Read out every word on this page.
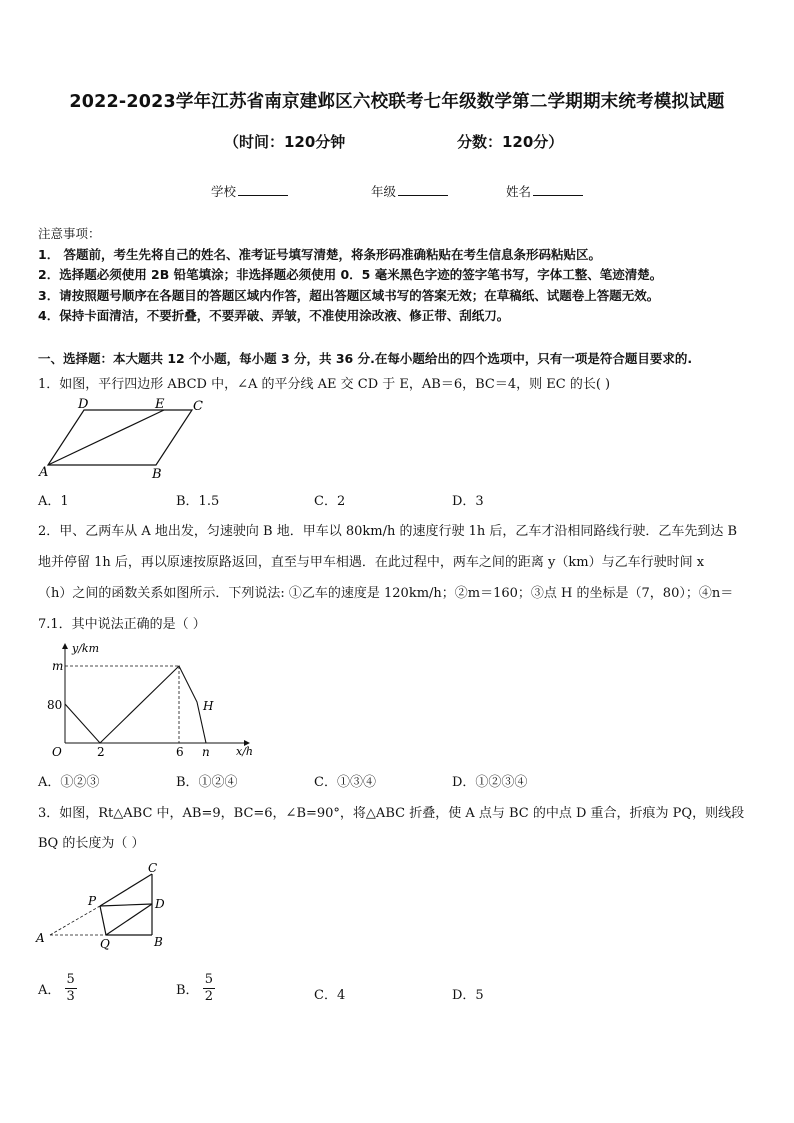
2022-2023学年江苏省南京建邺区六校联考七年级数学第二学期期末统考模拟试题
（时间：120分钟	分数：120分）
学校	年级	姓名
注意事项：
1． 答题前，考生先将自己的姓名、准考证号填写清楚，将条形码准确粘贴在考生信息条形码粘贴区。
2．选择题必须使用 2B 铅笔填涂；非选择题必须使用 0．5 毫米黑色字迹的签字笔书写，字体工整、笔迹清楚。
3．请按照题号顺序在各题目的答题区域内作答，超出答题区域书写的答案无效；在草稿纸、试题卷上答题无效。
4．保持卡面清洁，不要折叠，不要弄破、弄皱，不准使用涂改液、修正带、刮纸刀。
一、选择题：本大题共 12 个小题，每小题 3 分，共 36 分.在每小题给出的四个选项中，只有一项是符合题目要求的.
1．如图，平行四边形 ABCD 中，∠A 的平分线 AE 交 CD 于 E，AB＝6，BC＝4，则 EC 的长( )
A	B
C
D	E
A．1	B．1.5	C．2	D．3
2．甲、乙两车从 A 地出发，匀速驶向 B 地．甲车以 80km/h 的速度行驶 1h 后，乙车才沿相同路线行驶．乙车先到达 B
地并停留 1h 后，再以原速按原路返回，直至与甲车相遇．在此过程中，两车之间的距离 y（km）与乙车行驶时间 x
（h）之间的函数关系如图所示．下列说法: ①乙车的速度是 120km/h；②m＝160；③点 H 的坐标是（7，80）；④n＝
7.1．其中说法正确的是（ ）
y/km
x/h
O
m
80
2	6 n
H
A．①②③	B．①②④	C．①③④	D．①②③④
3．如图，Rt△ABC 中，AB=9，BC=6，∠B=90°，将△ABC 折叠，使 A 点与 BC 的中点 D 重合，折痕为 PQ，则线段
BQ 的长度为（ ）
A	B
C
D
P
Q
A． $\frac{5}{3}$	B． $\frac{5}{2}$	C．4	D．5
